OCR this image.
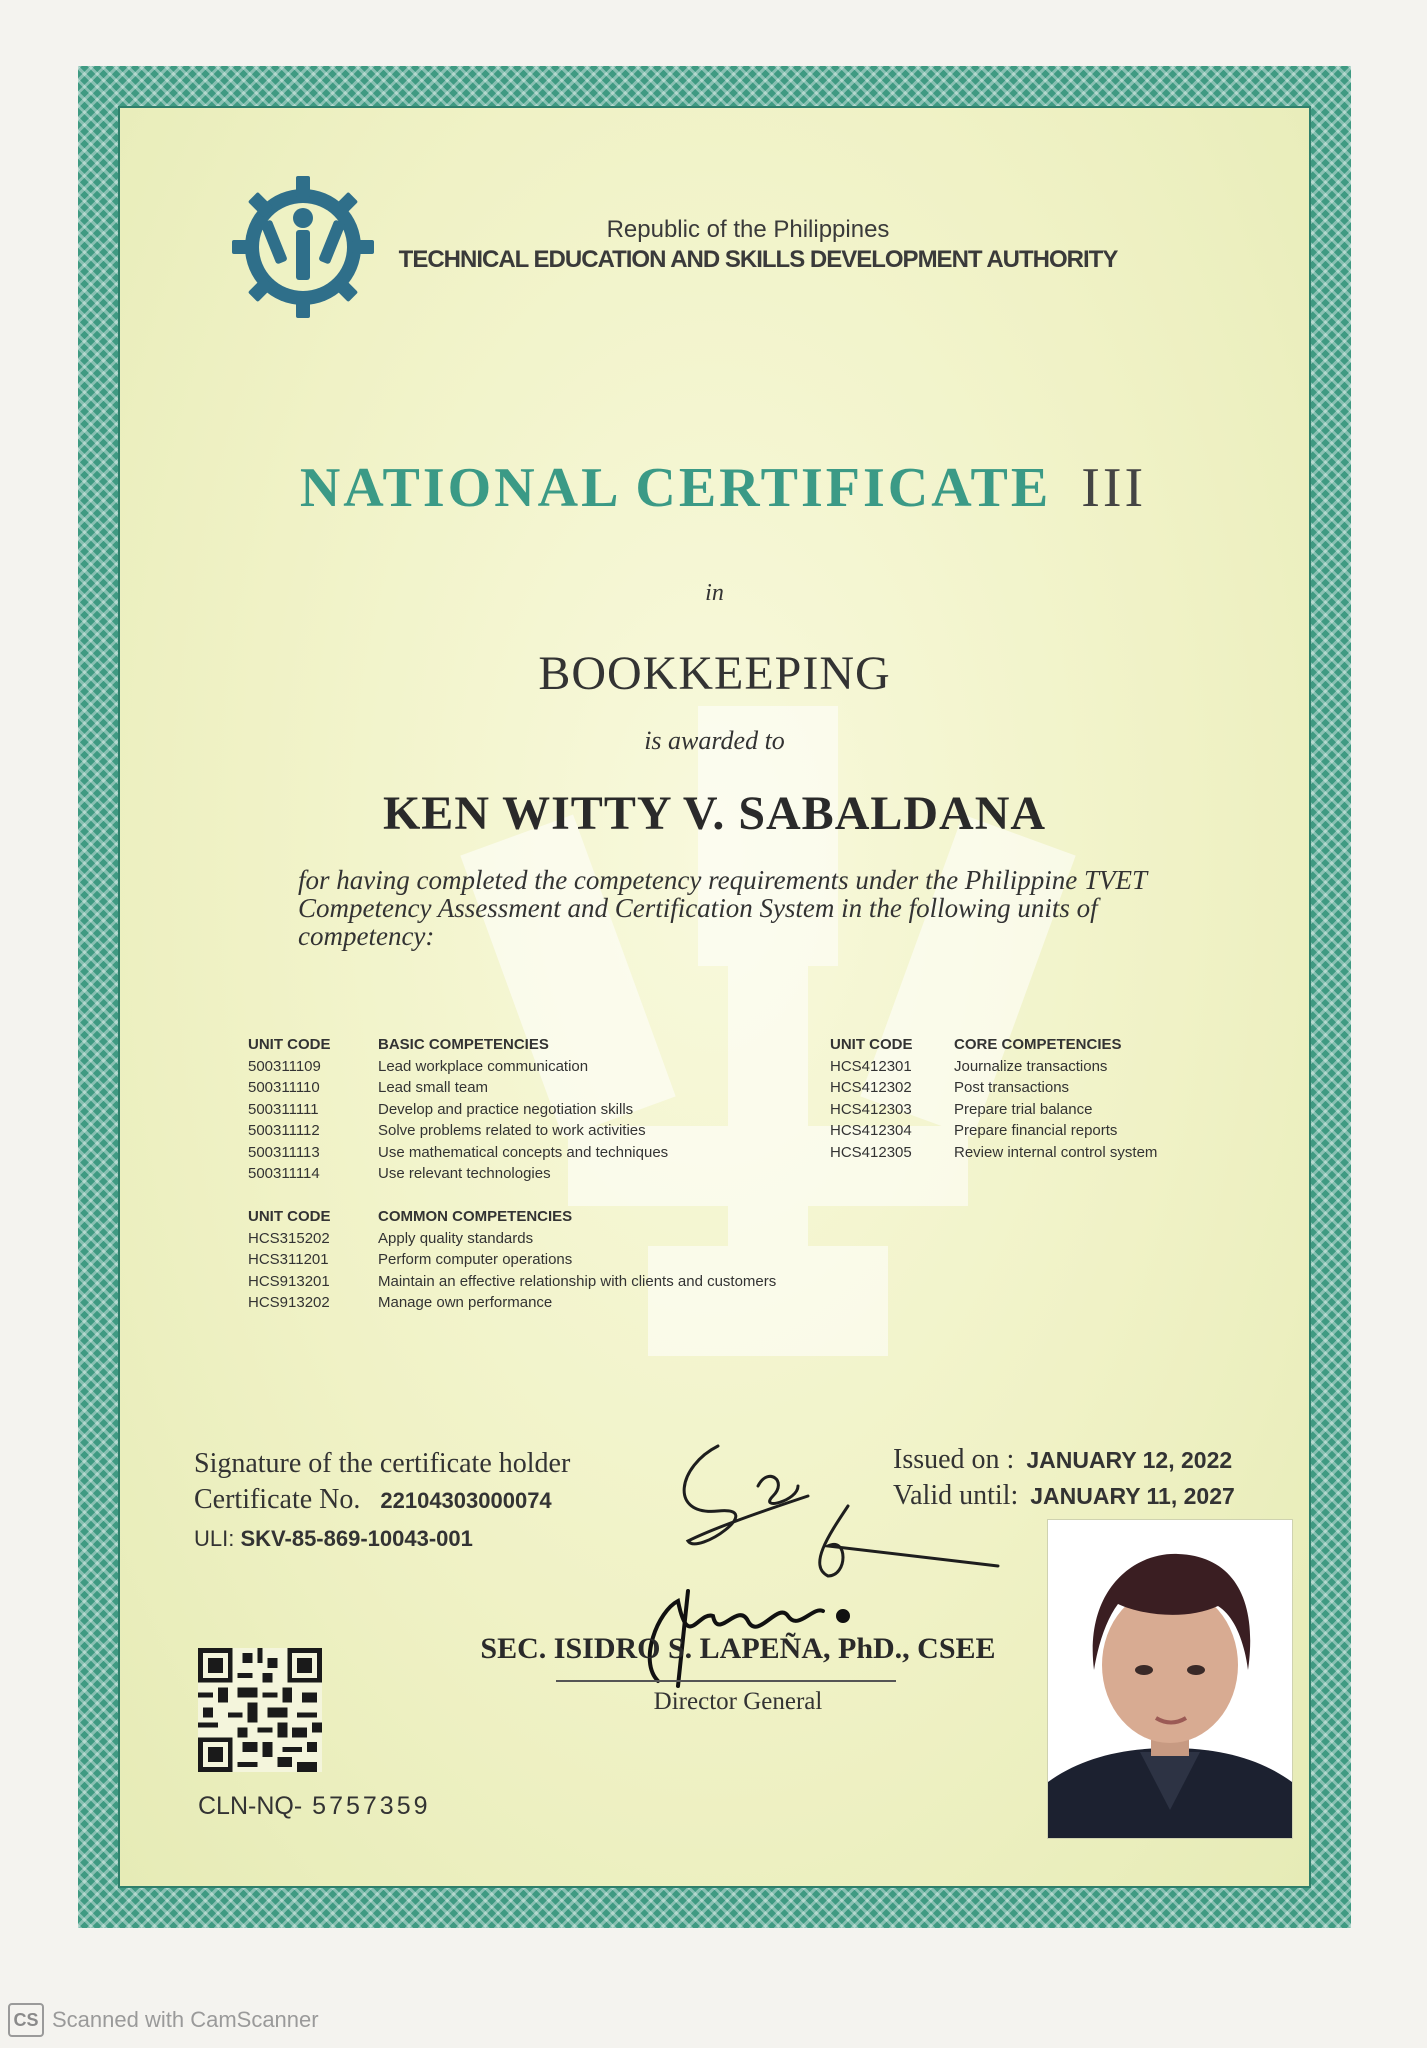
Republic of the Philippines
TECHNICAL EDUCATION AND SKILLS DEVELOPMENT AUTHORITY
NATIONAL CERTIFICATE III
in
BOOKKEEPING
is awarded to
KEN WITTY V. SABALDANA
for having completed the competency requirements under the Philippine TVET Competency Assessment and Certification System in the following units of competency:
UNIT CODE	BASIC COMPETENCIES
500311109	Lead workplace communication
500311110	Lead small team
500311111	Develop and practice negotiation skills
500311112	Solve problems related to work activities
500311113	Use mathematical concepts and techniques
500311114	Use relevant technologies
UNIT CODE	COMMON COMPETENCIES
HCS315202	Apply quality standards
HCS311201	Perform computer operations
HCS913201	Maintain an effective relationship with clients and customers
HCS913202	Manage own performance
UNIT CODE	CORE COMPETENCIES
HCS412301	Journalize transactions
HCS412302	Post transactions
HCS412303	Prepare trial balance
HCS412304	Prepare financial reports
HCS412305	Review internal control system
Signature of the certificate holder
Certificate No. 22104303000074
ULI: SKV-85-869-10043-001
Issued on : JANUARY 12, 2022
Valid until: JANUARY 11, 2027
SEC. ISIDRO S. LAPEÑA, PhD., CSEE
Director General
CLN-NQ- 5757359
CS Scanned with CamScanner
